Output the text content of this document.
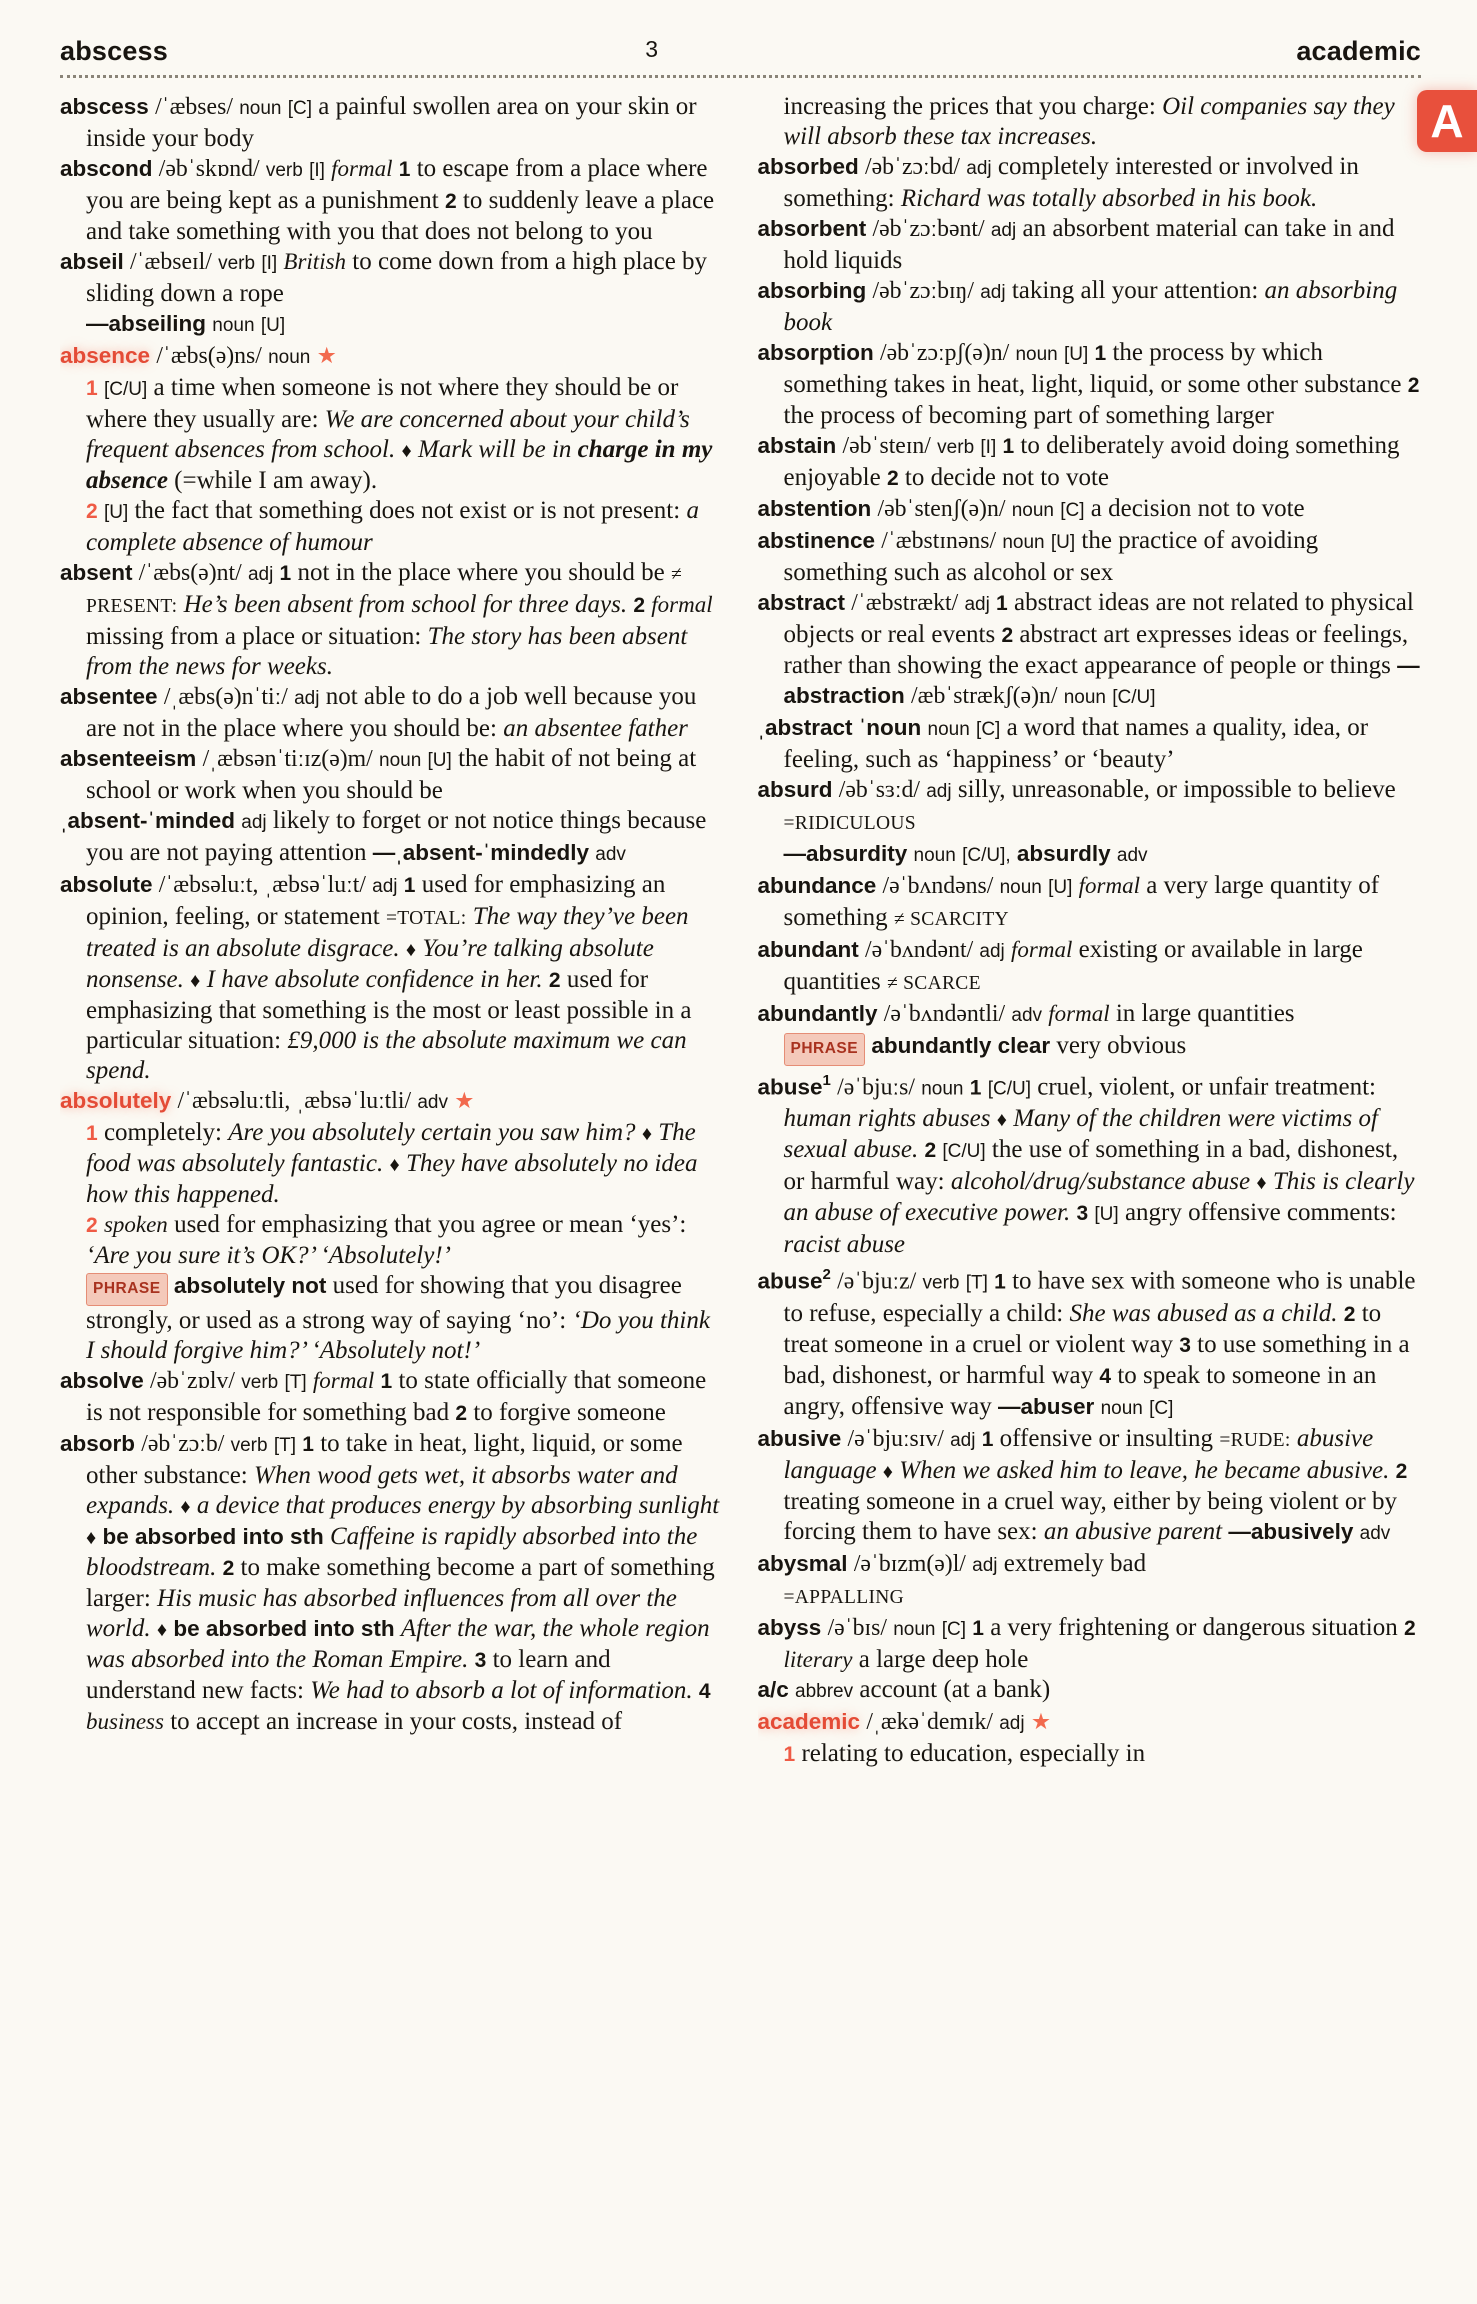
abscess	3	academic

abscess /ˈæbses/ noun [C] a painful swollen area on your skin or inside your body

abscond /əbˈskɒnd/ verb [I] formal 1 to escape from a place where you are being kept as a punishment 2 to suddenly leave a place and take something with you that does not belong to you

abseil /ˈæbseɪl/ verb [I] British to come down from a high place by sliding down a rope
—abseiling noun [U]

absence /ˈæbs(ə)ns/ noun ★
1 [C/U] a time when someone is not where they should be or where they usually are: We are concerned about your child’s frequent absences from school. ♦ Mark will be in charge in my absence (=while I am away).
2 [U] the fact that something does not exist or is not present: a complete absence of humour

absent /ˈæbs(ə)nt/ adj 1 not in the place where you should be ≠ PRESENT: He’s been absent from school for three days. 2 formal missing from a place or situation: The story has been absent from the news for weeks.

absentee /ˌæbs(ə)nˈtiː/ adj not able to do a job well because you are not in the place where you should be: an absentee father

absenteeism /ˌæbsənˈtiːɪz(ə)m/ noun [U] the habit of not being at school or work when you should be

ˌabsent-ˈminded adj likely to forget or not notice things because you are not paying attention —ˌabsent-ˈmindedly adv

absolute /ˈæbsəluːt, ˌæbsəˈluːt/ adj 1 used for emphasizing an opinion, feeling, or statement =TOTAL: The way they’ve been treated is an absolute disgrace. ♦ You’re talking absolute nonsense. ♦ I have absolute confidence in her. 2 used for emphasizing that something is the most or least possible in a particular situation: £9,000 is the absolute maximum we can spend.

absolutely /ˈæbsəluːtli, ˌæbsəˈluːtli/ adv ★
1 completely: Are you absolutely certain you saw him? ♦ The food was absolutely fantastic. ♦ They have absolutely no idea how this happened.
2 spoken used for emphasizing that you agree or mean ‘yes’: ‘Are you sure it’s OK?’ ‘Absolutely!’
PHRASE absolutely not used for showing that you disagree strongly, or used as a strong way of saying ‘no’: ‘Do you think I should forgive him?’ ‘Absolutely not!’

absolve /əbˈzɒlv/ verb [T] formal 1 to state officially that someone is not responsible for something bad 2 to forgive someone

absorb /əbˈzɔːb/ verb [T] 1 to take in heat, light, liquid, or some other substance: When wood gets wet, it absorbs water and expands. ♦ a device that produces energy by absorbing sunlight ♦ be absorbed into sth Caffeine is rapidly absorbed into the bloodstream. 2 to make something become a part of something larger: His music has absorbed influences from all over the world. ♦ be absorbed into sth After the war, the whole region was absorbed into the Roman Empire. 3 to learn and understand new facts: We had to absorb a lot of information. 4 business to accept an increase in your costs, instead of

increasing the prices that you charge: Oil companies say they will absorb these tax increases.

absorbed /əbˈzɔːbd/ adj completely interested or involved in something: Richard was totally absorbed in his book.

absorbent /əbˈzɔːbənt/ adj an absorbent material can take in and hold liquids

absorbing /əbˈzɔːbɪŋ/ adj taking all your attention: an absorbing book

absorption /əbˈzɔːpʃ(ə)n/ noun [U] 1 the process by which something takes in heat, light, liquid, or some other substance 2 the process of becoming part of something larger

abstain /əbˈsteɪn/ verb [I] 1 to deliberately avoid doing something enjoyable 2 to decide not to vote

abstention /əbˈstenʃ(ə)n/ noun [C] a decision not to vote

abstinence /ˈæbstɪnəns/ noun [U] the practice of avoiding something such as alcohol or sex

abstract /ˈæbstrækt/ adj 1 abstract ideas are not related to physical objects or real events 2 abstract art expresses ideas or feelings, rather than showing the exact appearance of people or things —abstraction /æbˈstrækʃ(ə)n/ noun [C/U]

ˌabstract ˈnoun noun [C] a word that names a quality, idea, or feeling, such as ‘happiness’ or ‘beauty’

absurd /əbˈsɜːd/ adj silly, unreasonable, or impossible to believe =RIDICULOUS
—absurdity noun [C/U], absurdly adv

abundance /əˈbʌndəns/ noun [U] formal a very large quantity of something ≠ SCARCITY

abundant /əˈbʌndənt/ adj formal existing or available in large quantities ≠ SCARCE

abundantly /əˈbʌndəntli/ adv formal in large quantities
PHRASE abundantly clear very obvious

abuse$^1$ /əˈbjuːs/ noun 1 [C/U] cruel, violent, or unfair treatment: human rights abuses ♦ Many of the children were victims of sexual abuse. 2 [C/U] the use of something in a bad, dishonest, or harmful way: alcohol/drug/substance abuse ♦ This is clearly an abuse of executive power. 3 [U] angry offensive comments: racist abuse

abuse$^2$ /əˈbjuːz/ verb [T] 1 to have sex with someone who is unable to refuse, especially a child: She was abused as a child. 2 to treat someone in a cruel or violent way 3 to use something in a bad, dishonest, or harmful way 4 to speak to someone in an angry, offensive way —abuser noun [C]

abusive /əˈbjuːsɪv/ adj 1 offensive or insulting =RUDE: abusive language ♦ When we asked him to leave, he became abusive. 2 treating someone in a cruel way, either by being violent or by forcing them to have sex: an abusive parent —abusively adv

abysmal /əˈbɪzm(ə)l/ adj extremely bad
=APPALLING

abyss /əˈbɪs/ noun [C] 1 a very frightening or dangerous situation 2 literary a large deep hole

a/c abbrev account (at a bank)

academic /ˌækəˈdemɪk/ adj ★
1 relating to education, especially in

A
